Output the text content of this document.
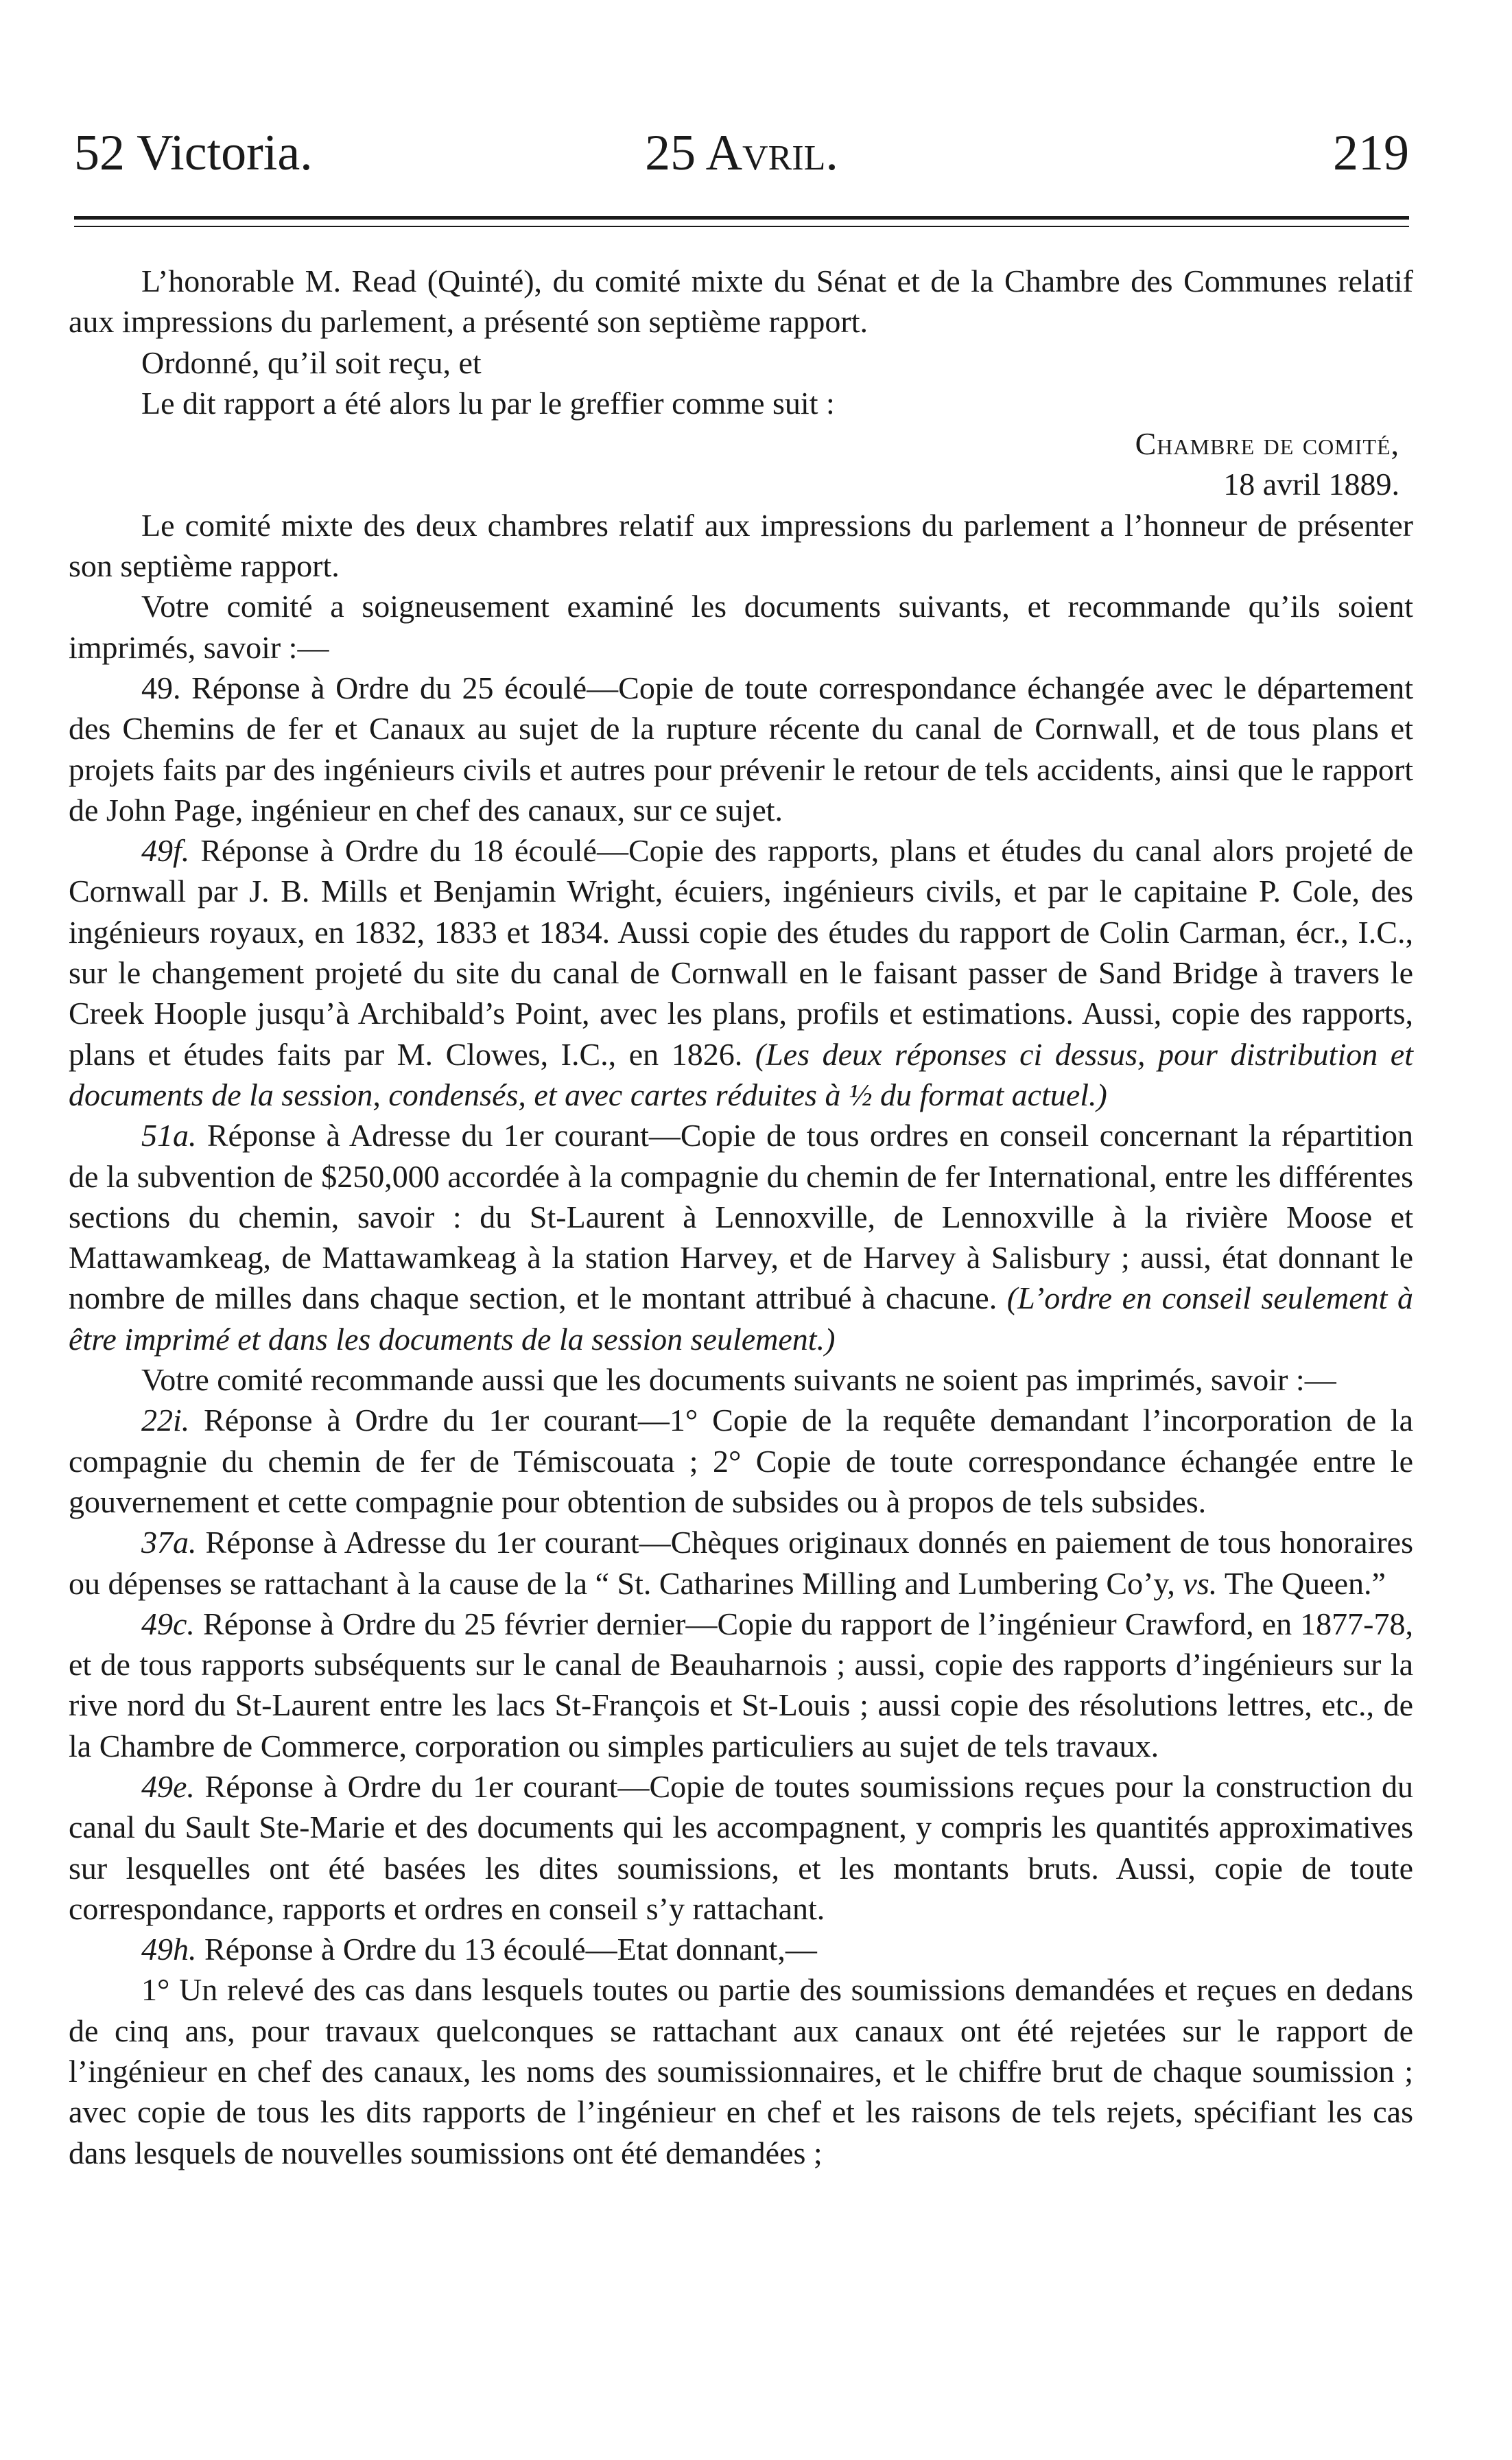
52 Victoria.	25 Avril.	219

L’honorable M. Read (Quinté), du comité mixte du Sénat et de la Chambre des Communes relatif aux impressions du parlement, a présenté son septième rapport.

Ordonné, qu’il soit reçu, et

Le dit rapport a été alors lu par le greffier comme suit :

Chambre de comité,

18 avril 1889.

Le comité mixte des deux chambres relatif aux impressions du parlement a l’honneur de présenter son septième rapport.

Votre comité a soigneusement examiné les documents suivants, et recommande qu’ils soient imprimés, savoir :—

49. Réponse à Ordre du 25 écoulé—Copie de toute correspondance échangée avec le département des Chemins de fer et Canaux au sujet de la rupture récente du canal de Cornwall, et de tous plans et projets faits par des ingénieurs civils et autres pour prévenir le retour de tels accidents, ainsi que le rapport de John Page, ingénieur en chef des canaux, sur ce sujet.

49f. Réponse à Ordre du 18 écoulé—Copie des rapports, plans et études du canal alors projeté de Cornwall par J. B. Mills et Benjamin Wright, écuiers, ingénieurs civils, et par le capitaine P. Cole, des ingénieurs royaux, en 1832, 1833 et 1834. Aussi copie des études du rapport de Colin Carman, écr., I.C., sur le changement projeté du site du canal de Cornwall en le faisant passer de Sand Bridge à travers le Creek Hoople jusqu’à Archibald’s Point, avec les plans, profils et estimations. Aussi, copie des rapports, plans et études faits par M. Clowes, I.C., en 1826. (Les deux réponses ci dessus, pour distribution et documents de la session, condensés, et avec cartes réduites à ½ du format actuel.)

51a. Réponse à Adresse du 1er courant—Copie de tous ordres en conseil concernant la répartition de la subvention de $250,000 accordée à la compagnie du chemin de fer International, entre les différentes sections du chemin, savoir : du St-Laurent à Lennoxville, de Lennoxville à la rivière Moose et Mattawamkeag, de Mattawamkeag à la station Harvey, et de Harvey à Salisbury ; aussi, état donnant le nombre de milles dans chaque section, et le montant attribué à chacune. (L’ordre en conseil seulement à être imprimé et dans les documents de la session seulement.)

Votre comité recommande aussi que les documents suivants ne soient pas imprimés, savoir :—

22i. Réponse à Ordre du 1er courant—1° Copie de la requête demandant l’incorporation de la compagnie du chemin de fer de Témiscouata ; 2° Copie de toute correspondance échangée entre le gouvernement et cette compagnie pour obtention de subsides ou à propos de tels subsides.

37a. Réponse à Adresse du 1er courant—Chèques originaux donnés en paiement de tous honoraires ou dépenses se rattachant à la cause de la “ St. Catharines Milling and Lumbering Co’y, vs. The Queen.”

49c. Réponse à Ordre du 25 février dernier—Copie du rapport de l’ingénieur Crawford, en 1877-78, et de tous rapports subséquents sur le canal de Beauharnois ; aussi, copie des rapports d’ingénieurs sur la rive nord du St-Laurent entre les lacs St-François et St-Louis ; aussi copie des résolutions lettres, etc., de la Chambre de Commerce, corporation ou simples particuliers au sujet de tels travaux.

49e. Réponse à Ordre du 1er courant—Copie de toutes soumissions reçues pour la construction du canal du Sault Ste-Marie et des documents qui les accompagnent, y compris les quantités approximatives sur lesquelles ont été basées les dites soumissions, et les montants bruts. Aussi, copie de toute correspondance, rapports et ordres en conseil s’y rattachant.

49h. Réponse à Ordre du 13 écoulé—Etat donnant,—

1° Un relevé des cas dans lesquels toutes ou partie des soumissions demandées et reçues en dedans de cinq ans, pour travaux quelconques se rattachant aux canaux ont été rejetées sur le rapport de l’ingénieur en chef des canaux, les noms des soumissionnaires, et le chiffre brut de chaque soumission ; avec copie de tous les dits rapports de l’ingénieur en chef et les raisons de tels rejets, spécifiant les cas dans lesquels de nouvelles soumissions ont été demandées ;
